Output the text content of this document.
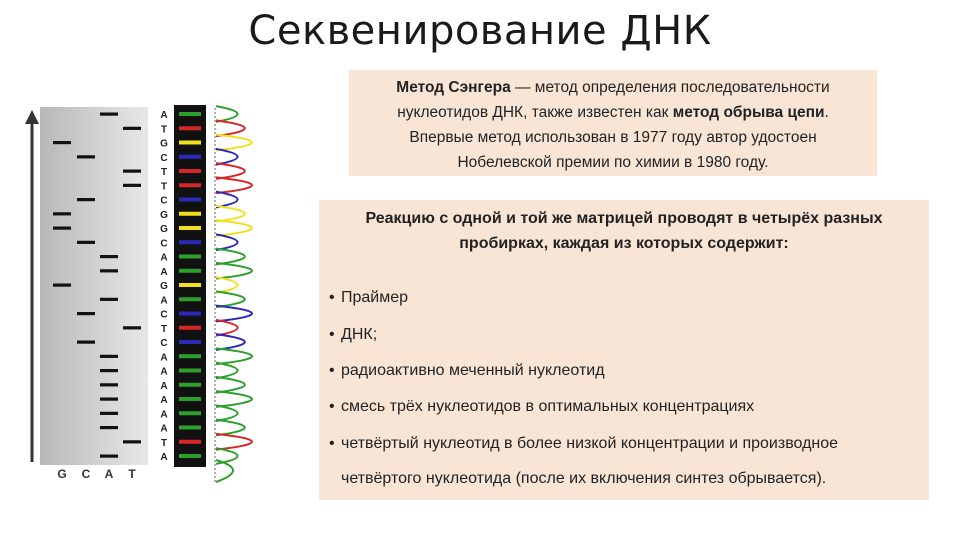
Секвенирование ДНК
G C A T
A
T
G
C
T
T
C
G
G
C
A
A
G
A
C
T
C
A
A
A
A
A
A
T
A
Метод Сэнгера — метод определения последовательности
нуклеотидов ДНК, также известен как метод обрыва цепи.
Впервые метод использован в 1977 году автор удостоен
Нобелевской премии по химии в 1980 году.
Реакцию с одной и той же матрицей проводят в четырёх разных
пробирках, каждая из которых содержит:
• Праймер
• ДНК;
• радиоактивно меченный нуклеотид
• смесь трёх нуклеотидов в оптимальных концентрациях
• четвёртый нуклеотид в более низкой концентрации и производное
четвёртого нуклеотида (после их включения синтез обрывается).
